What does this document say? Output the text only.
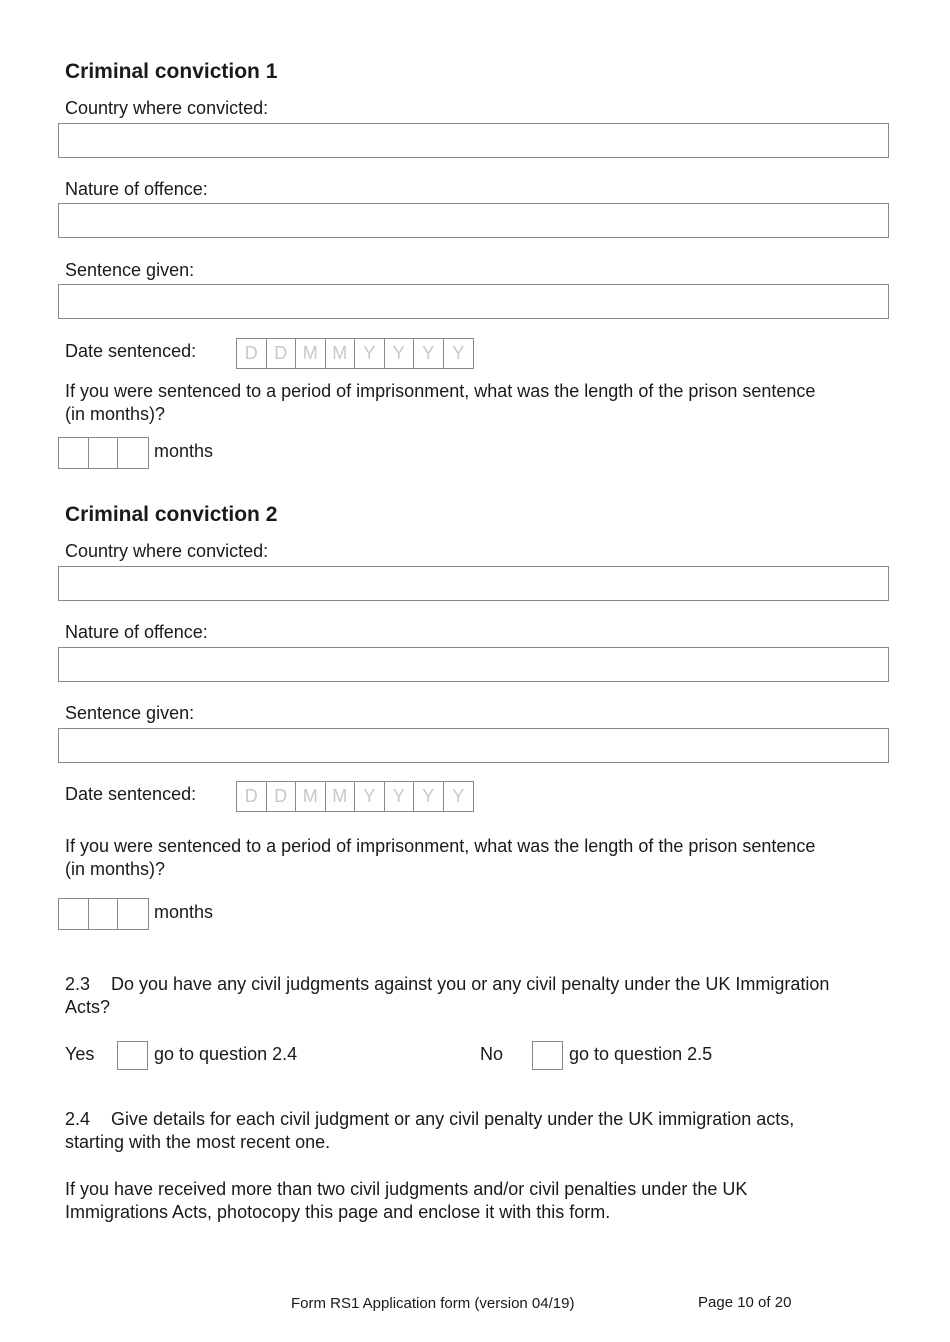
Criminal conviction 1
Country where convicted:
Nature of offence:
Sentence given:
Date sentenced:	D D M M Y Y Y Y
If you were sentenced to a period of imprisonment, what was the length of the prison sentence
(in months)?
months
Criminal conviction 2
Country where convicted:
Nature of offence:
Sentence given:
Date sentenced:	D D M M Y Y Y Y
If you were sentenced to a period of imprisonment, what was the length of the prison sentence
(in months)?
months
2.3 Do you have any civil judgments against you or any civil penalty under the UK Immigration
Acts?
Yes	go to question 2.4	No	go to question 2.5
2.4 Give details for each civil judgment or any civil penalty under the UK immigration acts,
starting with the most recent one.
If you have received more than two civil judgments and/or civil penalties under the UK
Immigrations Acts, photocopy this page and enclose it with this form.
Form RS1 Application form (version 04/19)	Page 10 of 20
